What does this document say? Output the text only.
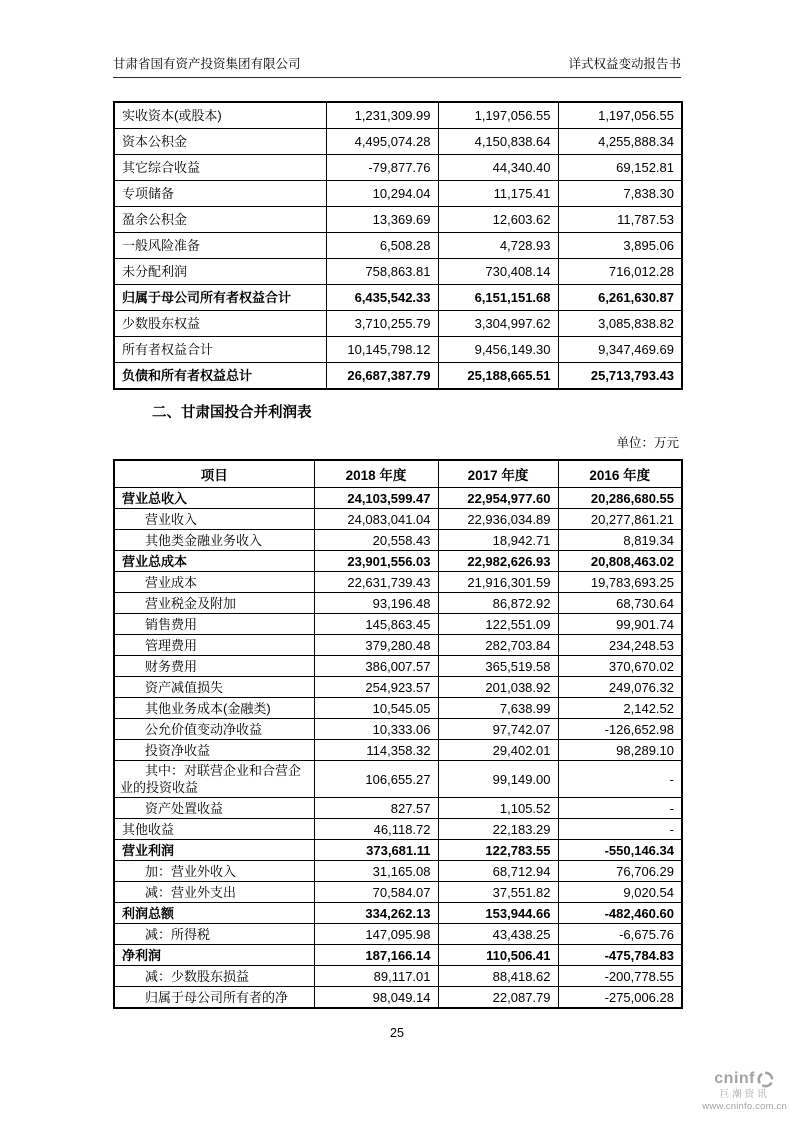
甘肃省国有资产投资集团有限公司	详式权益变动报告书
实收资本(或股本)	1,231,309.99	1,197,056.55	1,197,056.55
资本公积金	4,495,074.28	4,150,838.64	4,255,888.34
其它综合收益	-79,877.76	44,340.40	69,152.81
专项储备	10,294.04	11,175.41	7,838.30
盈余公积金	13,369.69	12,603.62	11,787.53
一般风险准备	6,508.28	4,728.93	3,895.06
未分配利润	758,863.81	730,408.14	716,012.28
归属于母公司所有者权益合计	6,435,542.33	6,151,151.68	6,261,630.87
少数股东权益	3,710,255.79	3,304,997.62	3,085,838.82
所有者权益合计	10,145,798.12	9,456,149.30	9,347,469.69
负债和所有者权益总计	26,687,387.79	25,188,665.51	25,713,793.43
二、甘肃国投合并利润表
单位：万元
项目	2018 年度	2017 年度	2016 年度
营业总收入	24,103,599.47	22,954,977.60	20,286,680.55
营业收入	24,083,041.04	22,936,034.89	20,277,861.21
其他类金融业务收入	20,558.43	18,942.71	8,819.34
营业总成本	23,901,556.03	22,982,626.93	20,808,463.02
营业成本	22,631,739.43	21,916,301.59	19,783,693.25
营业税金及附加	93,196.48	86,872.92	68,730.64
销售费用	145,863.45	122,551.09	99,901.74
管理费用	379,280.48	282,703.84	234,248.53
财务费用	386,007.57	365,519.58	370,670.02
资产减值损失	254,923.57	201,038.92	249,076.32
其他业务成本(金融类)	10,545.05	7,638.99	2,142.52
公允价值变动净收益	10,333.06	97,742.07	-126,652.98
投资净收益	114,358.32	29,402.01	98,289.10
其中：对联营企业和合营企业的投资收益	106,655.27	99,149.00	-
资产处置收益	827.57	1,105.52	-
其他收益	46,118.72	22,183.29	-
营业利润	373,681.11	122,783.55	-550,146.34
加：营业外收入	31,165.08	68,712.94	76,706.29
减：营业外支出	70,584.07	37,551.82	9,020.54
利润总额	334,262.13	153,944.66	-482,460.60
减：所得税	147,095.98	43,438.25	-6,675.76
净利润	187,166.14	110,506.41	-475,784.83
减：少数股东损益	89,117.01	88,418.62	-200,778.55
归属于母公司所有者的净	98,049.14	22,087.79	-275,006.28
25
cninf
巨潮资讯
www.cninfo.com.cn
